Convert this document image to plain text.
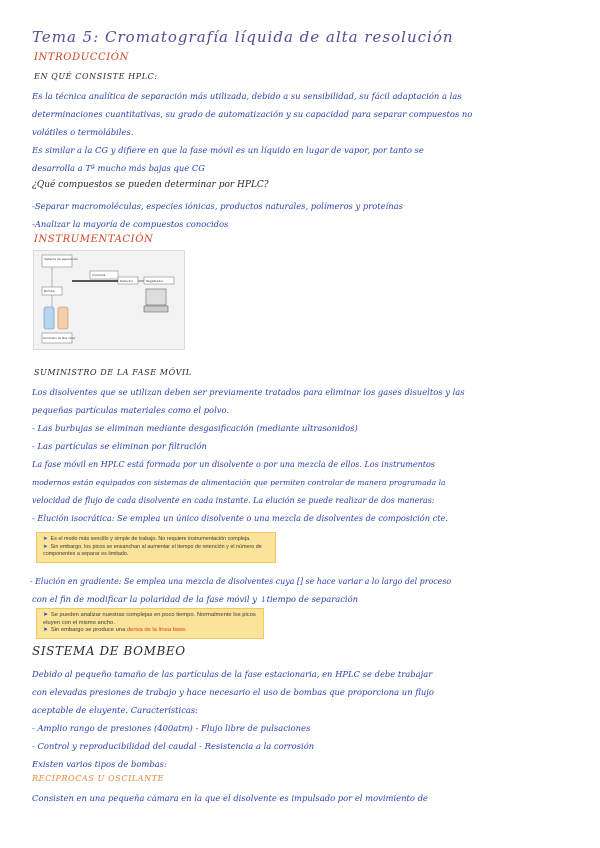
Tema 5: Cromatografía líquida de alta resolución
INTRODUCCIÓN
EN QUÉ CONSISTE HPLC:
Es la técnica analítica de separación más utilizada, debido a su sensibilidad, su fácil adaptación a las
determinaciones cuantitativas, su grado de automatización y su capacidad para separar compuestos no
volátiles o termolábiles.
Es similar a la CG y difiere en que la fase móvil es un líquido en lugar de vapor, por tanto se
desarrolla a Tª mucho más bajas que CG
¿Qué compuestos se pueden determinar por HPLC?
-Separar macromoléculas, especies iónicas, productos naturales, polímeros y proteínas
-Analizar la mayoría de compuestos conocidos
INSTRUMENTACIÓN
Sistema de separación
Bomba
Columna
Detector	Registrador
Suministro de fase móvil
SUMINISTRO DE LA FASE MÓVIL
Los disolventes que se utilizan deben ser previamente tratados para eliminar los gases disueltos y las
pequeñas partículas materiales como el polvo.
- Las burbujas se eliminan mediante desgasificación (mediante ultrasonidos)
- Las partículas se eliminan por filtración
La fase móvil en HPLC está formada por un disolvente o por una mezcla de ellos. Los instrumentos
modernos están equipados con sistemas de alimentación que permiten controlar de manera programada la
velocidad de flujo de cada disolvente en cada instante. La elución se puede realizar de dos maneras:
- Elución isocrática: Se emplea un único disolvente o una mezcla de disolventes de composición cte.
➤ Es el modo más sencillo y simple de trabajo. No requiere instrumentación compleja.
➤ Sin embargo, los picos se ensanchan al aumentar el tiempo de retención y el número de componentes a separar es limitado.
- Elución en gradiente: Se emplea una mezcla de disolventes cuya [] se hace variar a lo largo del proceso
con el fin de modificar la polaridad de la fase móvil y ↓tiempo de separación
➤ Se pueden analizar nuestras complejas en poco tiempo. Normalmente los picos eluyen con el mismo ancho.
➤ Sin embargo se produce una deriva de la línea base.
SISTEMA DE BOMBEO
Debido al pequeño tamaño de las partículas de la fase estacionaria, en HPLC se debe trabajar
con elevadas presiones de trabajo y hace necesario el uso de bombas que proporciona un flujo
aceptable de eluyente. Características:
- Amplio rango de presiones (400atm) - Flujo libre de pulsaciones
- Control y reproducibilidad del caudal - Resistencia a la corrosión
Existen varios tipos de bombas:
RECÍPROCAS U OSCILANTE
Consisten en una pequeña cámara en la que el disolvente es impulsado por el movimiento de
